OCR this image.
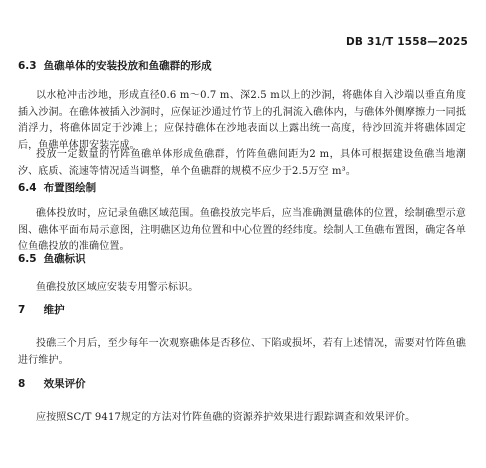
DB 31/T 1558—2025
6.3 鱼礁单体的安装投放和鱼礁群的形成

以水枪冲击沙地，形成直径0.6 m～0.7 m、深2.5 m以上的沙洞，将礁体自入沙端以垂直角度插入沙洞。在礁体被插入沙洞时，应保证沙通过竹节上的孔洞流入礁体内，与礁体外侧摩擦力一同抵消浮力，将礁体固定于沙滩上；应保持礁体在沙地表面以上露出统一高度，待沙回流并将礁体固定后，鱼礁单体即安装完成。

投放一定数量的竹阵鱼礁单体形成鱼礁群，竹阵鱼礁间距为2 m，具体可根据建设鱼礁当地潮汐、底质、流速等情况适当调整，单个鱼礁群的规模不应少于2.5万空 m³。

6.4 布置图绘制

礁体投放时，应记录鱼礁区域范围。鱼礁投放完毕后，应当准确测量礁体的位置，绘制礁型示意图、礁体平面布局示意图，注明礁区边角位置和中心位置的经纬度。绘制人工鱼礁布置图，确定各单位鱼礁投放的准确位置。

6.5 鱼礁标识

鱼礁投放区域应安装专用警示标识。

7 维护

投礁三个月后，至少每年一次观察礁体是否移位、下陷或损坏，若有上述情况，需要对竹阵鱼礁进行维护。

8 效果评价

应按照SC/T 9417规定的方法对竹阵鱼礁的资源养护效果进行跟踪调查和效果评价。
